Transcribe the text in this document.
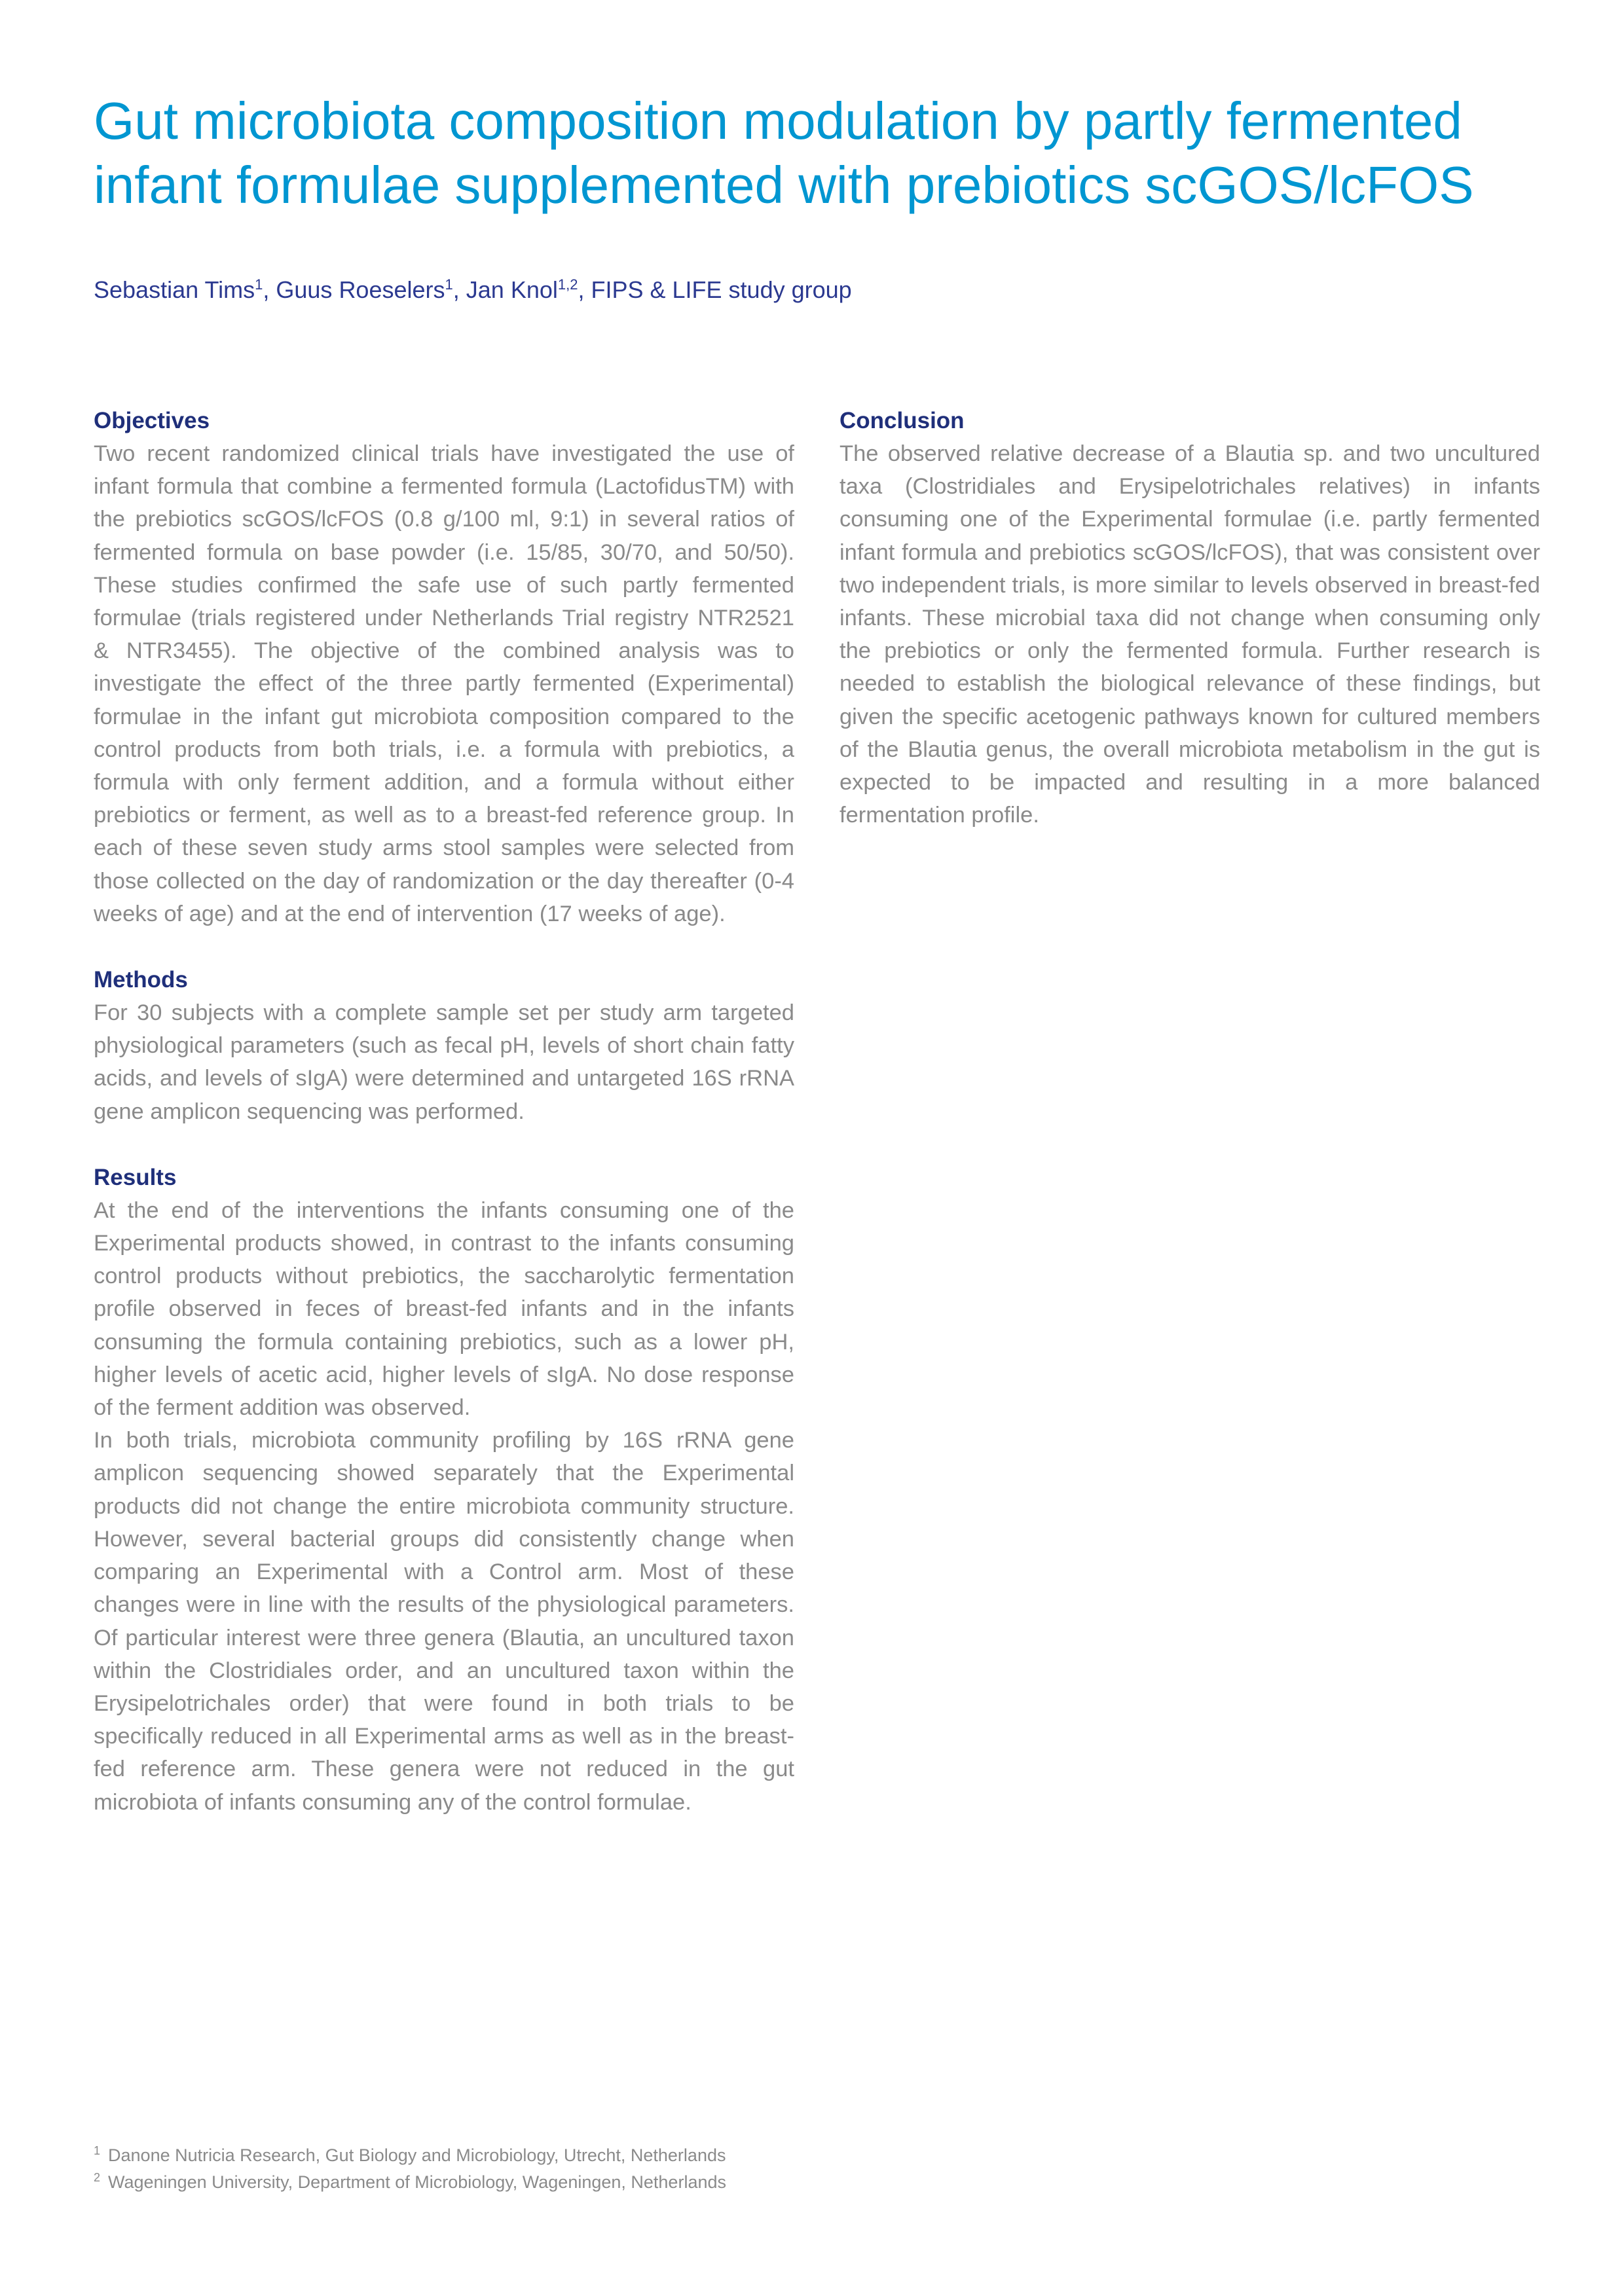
Gut microbiota composition modulation by partly fermented infant formulae supplemented with prebiotics scGOS/lcFOS

Sebastian Tims$^1$, Guus Roeselers$^1$, Jan Knol$^{1,2}$, FIPS & LIFE study group

Objectives

Two recent randomized clinical trials have investigated the use of infant formula that combine a fermented formula (LactofidusTM) with the prebiotics scGOS/lcFOS (0.8 g/100 ml, 9:1) in several ratios of fermented formula on base powder (i.e. 15/85, 30/70, and 50/50). These studies confirmed the safe use of such partly fermented formulae (trials registered under Netherlands Trial registry NTR2521 & NTR3455). The objective of the combined analysis was to investigate the effect of the three partly fermented (Experimental) formulae in the infant gut microbiota composition compared to the control products from both trials, i.e. a formula with prebiotics, a formula with only ferment addition, and a formula without either prebiotics or ferment, as well as to a breast-fed reference group. In each of these seven study arms stool samples were selected from those collected on the day of randomization or the day thereafter (0-4 weeks of age) and at the end of intervention (17 weeks of age).

Methods

For 30 subjects with a complete sample set per study arm targeted physiological parameters (such as fecal pH, levels of short chain fatty acids, and levels of sIgA) were determined and untargeted 16S rRNA gene amplicon sequencing was performed.

Results

At the end of the interventions the infants consuming one of the Experimental products showed, in contrast to the infants consuming control products without prebiotics, the saccharolytic fermentation profile observed in feces of breast-fed infants and in the infants consuming the formula containing prebiotics, such as a lower pH, higher levels of acetic acid, higher levels of sIgA. No dose response of the ferment addition was observed.

In both trials, microbiota community profiling by 16S rRNA gene amplicon sequencing showed separately that the Experimental products did not change the entire microbiota community structure. However, several bacterial groups did consistently change when comparing an Experimental with a Control arm. Most of these changes were in line with the results of the physiological parameters. Of particular interest were three genera (Blautia, an uncultured taxon within the Clostridiales order, and an uncultured taxon within the Erysipelotrichales order) that were found in both trials to be specifically reduced in all Experimental arms as well as in the breast-fed reference arm. These genera were not reduced in the gut microbiota of infants consuming any of the control formulae.

Conclusion

The observed relative decrease of a Blautia sp. and two uncultured taxa (Clostridiales and Erysipelotrichales relatives) in infants consuming one of the Experimental formulae (i.e. partly fermented infant formula and prebiotics scGOS/lcFOS), that was consistent over two independent trials, is more similar to levels observed in breast-fed infants. These microbial taxa did not change when consuming only the prebiotics or only the fermented formula. Further research is needed to establish the biological relevance of these findings, but given the specific acetogenic pathways known for cultured members of the Blautia genus, the overall microbiota metabolism in the gut is expected to be impacted and resulting in a more balanced fermentation profile.

$^1$ Danone Nutricia Research, Gut Biology and Microbiology, Utrecht, Netherlands

$^2$ Wageningen University, Department of Microbiology, Wageningen, Netherlands
